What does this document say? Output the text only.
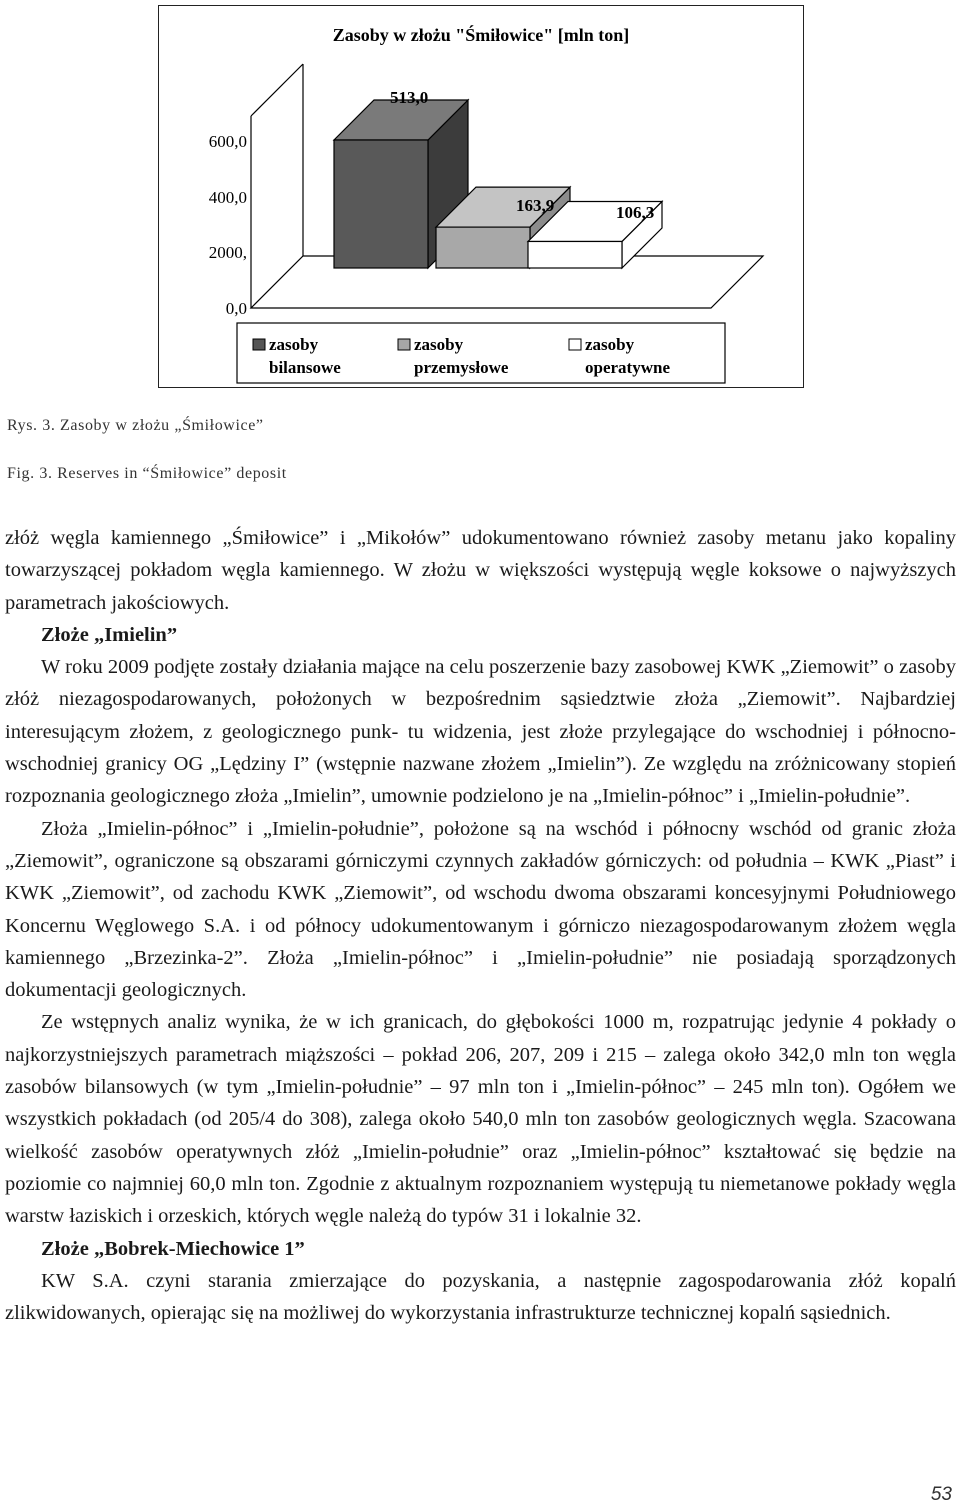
Zasoby w złożu "Śmiłowice" [mln ton]
0,0
2000,
400,0
600,0
513,0
163,9	106,3
zasoby
bilansowe
zasoby
przemysłowe
zasoby
operatywne
Rys. 3. Zasoby w złożu „Śmiłowice”
Fig. 3. Reserves in “Śmiłowice” deposit

złóż węgla kamiennego „Śmiłowice” i „Mikołów” udokumentowano również zasoby metanu jako kopaliny towarzyszącej pokładom węgla kamiennego. W złożu w większości występują węgle koksowe o najwyższych parametrach jakościowych.

Złoże „Imielin”

W roku 2009 podjęte zostały działania mające na celu poszerzenie bazy zasobowej KWK „Ziemowit” o zasoby złóż niezagospodarowanych, położonych w bezpośrednim sąsiedztwie złoża „Ziemowit”. Najbardziej interesującym złożem, z geologicznego punk- tu widzenia, jest złoże przylegające do wschodniej i północno-wschodniej granicy OG „Lędziny I” (wstępnie nazwane złożem „Imielin”). Ze względu na zróżnicowany stopień rozpoznania geologicznego złoża „Imielin”, umownie podzielono je na „Imielin-północ” i „Imielin-południe”.

Złoża „Imielin-północ” i „Imielin-południe”, położone są na wschód i północny wschód od granic złoża „Ziemowit”, ograniczone są obszarami górniczymi czynnych zakładów górniczych: od południa – KWK „Piast” i KWK „Ziemowit”, od zachodu KWK „Ziemowit”, od wschodu dwoma obszarami koncesyjnymi Południowego Koncernu Węglowego S.A. i od północy udokumentowanym i górniczo niezagospodarowanym złożem węgla kamiennego „Brzezinka-2”. Złoża „Imielin-północ” i „Imielin-południe” nie posiadają sporządzonych dokumentacji geologicznych.

Ze wstępnych analiz wynika, że w ich granicach, do głębokości 1000 m, rozpatrując jedynie 4 pokłady o najkorzystniejszych parametrach miąższości – pokład 206, 207, 209 i 215 – zalega około 342,0 mln ton węgla zasobów bilansowych (w tym „Imielin-południe” – 97 mln ton i „Imielin-północ” – 245 mln ton). Ogółem we wszystkich pokładach (od 205/4 do 308), zalega około 540,0 mln ton zasobów geologicznych węgla. Szacowana wielkość zasobów operatywnych złóż „Imielin-południe” oraz „Imielin-północ” kształtować się będzie na poziomie co najmniej 60,0 mln ton. Zgodnie z aktualnym rozpoznaniem występują tu niemetanowe pokłady węgla warstw łaziskich i orzeskich, których węgle należą do typów 31 i lokalnie 32.

Złoże „Bobrek-Miechowice 1”

KW S.A. czyni starania zmierzające do pozyskania, a następnie zagospodarowania złóż kopalń zlikwidowanych, opierając się na możliwej do wykorzystania infrastrukturze technicznej kopalń sąsiednich.

53
